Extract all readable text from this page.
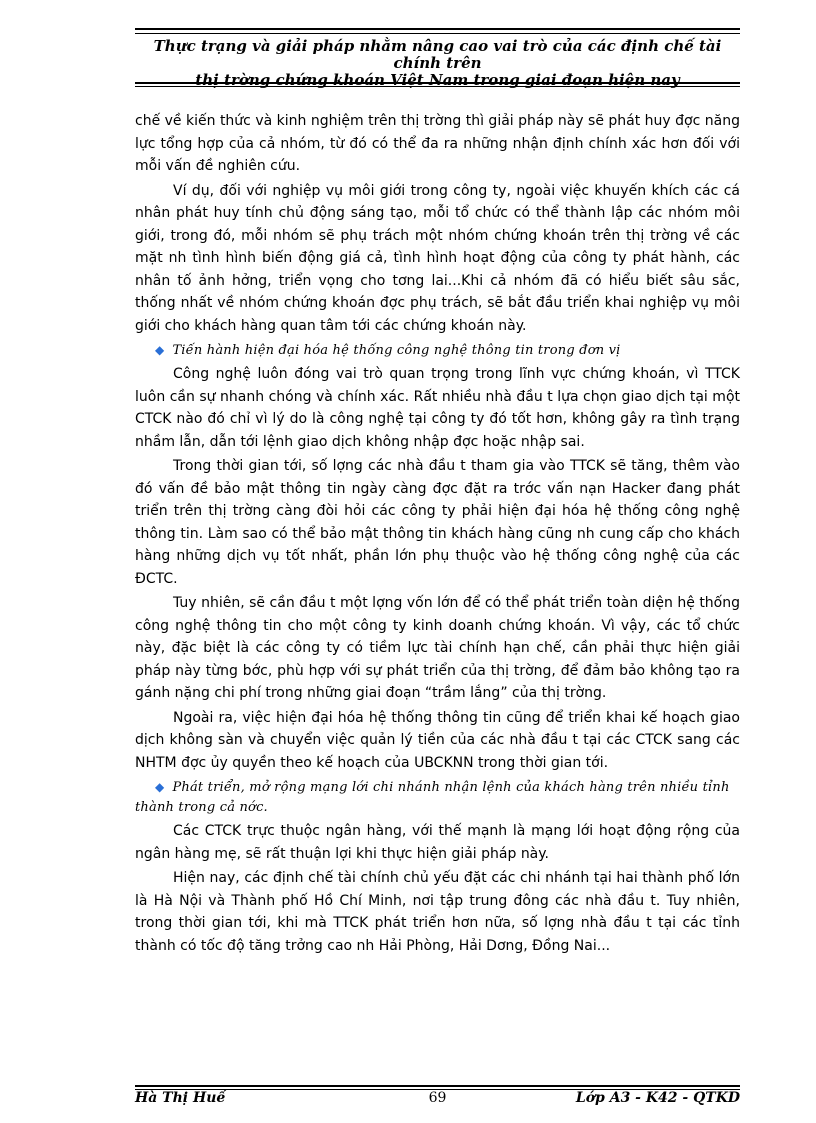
Thực trạng và giải pháp nhằm nâng cao vai trò của các định chế tài chính trên
thị trờng chứng khoán Việt Nam trong giai đoạn hiện nay

chế về kiến thức và kinh nghiệm trên thị trờng thì giải pháp này sẽ phát huy đợc năng lực tổng hợp của cả nhóm, từ đó có thể đa ra những nhận định chính xác hơn đối với mỗi vấn đề nghiên cứu.

Ví dụ, đối với nghiệp vụ môi giới trong công ty, ngoài việc khuyến khích các cá nhân phát huy tính chủ động sáng tạo, mỗi tổ chức có thể thành lập các nhóm môi giới, trong đó, mỗi nhóm sẽ phụ trách một nhóm chứng khoán trên thị trờng về các mặt nh tình hình biến động giá cả, tình hình hoạt động của công ty phát hành, các nhân tố ảnh hởng, triển vọng cho tơng lai...Khi cả nhóm đã có hiểu biết sâu sắc, thống nhất về nhóm chứng khoán đợc phụ trách, sẽ bắt đầu triển khai nghiệp vụ môi giới cho khách hàng quan tâm tới các chứng khoán này.

◆ Tiến hành hiện đại hóa hệ thống công nghệ thông tin trong đơn vị

Công nghệ luôn đóng vai trò quan trọng trong lĩnh vực chứng khoán, vì TTCK luôn cần sự nhanh chóng và chính xác. Rất nhiều nhà đầu t lựa chọn giao dịch tại một CTCK nào đó chỉ vì lý do là công nghệ tại công ty đó tốt hơn, không gây ra tình trạng nhầm lẫn, dẫn tới lệnh giao dịch không nhập đợc hoặc nhập sai.

Trong thời gian tới, số lợng các nhà đầu t tham gia vào TTCK sẽ tăng, thêm vào đó vấn đề bảo mật thông tin ngày càng đợc đặt ra trớc vấn nạn Hacker đang phát triển trên thị trờng càng đòi hỏi các công ty phải hiện đại hóa hệ thống công nghệ thông tin. Làm sao có thể bảo mật thông tin khách hàng cũng nh cung cấp cho khách hàng những dịch vụ tốt nhất, phần lớn phụ thuộc vào hệ thống công nghệ của các ĐCTC.

Tuy nhiên, sẽ cần đầu t một lợng vốn lớn để có thể phát triển toàn diện hệ thống công nghệ thông tin cho một công ty kinh doanh chứng khoán. Vì vậy, các tổ chức này, đặc biệt là các công ty có tiềm lực tài chính hạn chế, cần phải thực hiện giải pháp này từng bớc, phù hợp với sự phát triển của thị trờng, để đảm bảo không tạo ra gánh nặng chi phí trong những giai đoạn “trầm lắng” của thị trờng.

Ngoài ra, việc hiện đại hóa hệ thống thông tin cũng để triển khai kế hoạch giao dịch không sàn và chuyển việc quản lý tiền của các nhà đầu t tại các CTCK sang các NHTM đợc ủy quyền theo kế hoạch của UBCKNN trong thời gian tới.

◆ Phát triển, mở rộng mạng lới chi nhánh nhận lệnh của khách hàng trên nhiều tỉnh thành trong cả nớc.

Các CTCK trực thuộc ngân hàng, với thế mạnh là mạng lới hoạt động rộng của ngân hàng mẹ, sẽ rất thuận lợi khi thực hiện giải pháp này.

Hiện nay, các định chế tài chính chủ yếu đặt các chi nhánh tại hai thành phố lớn là Hà Nội và Thành phố Hồ Chí Minh, nơi tập trung đông các nhà đầu t. Tuy nhiên, trong thời gian tới, khi mà TTCK phát triển hơn nữa, số lợng nhà đầu t tại các tỉnh thành có tốc độ tăng trởng cao nh Hải Phòng, Hải Dơng, Đồng Nai...

Hà Thị Huế	69	Lớp A3 - K42 - QTKD
